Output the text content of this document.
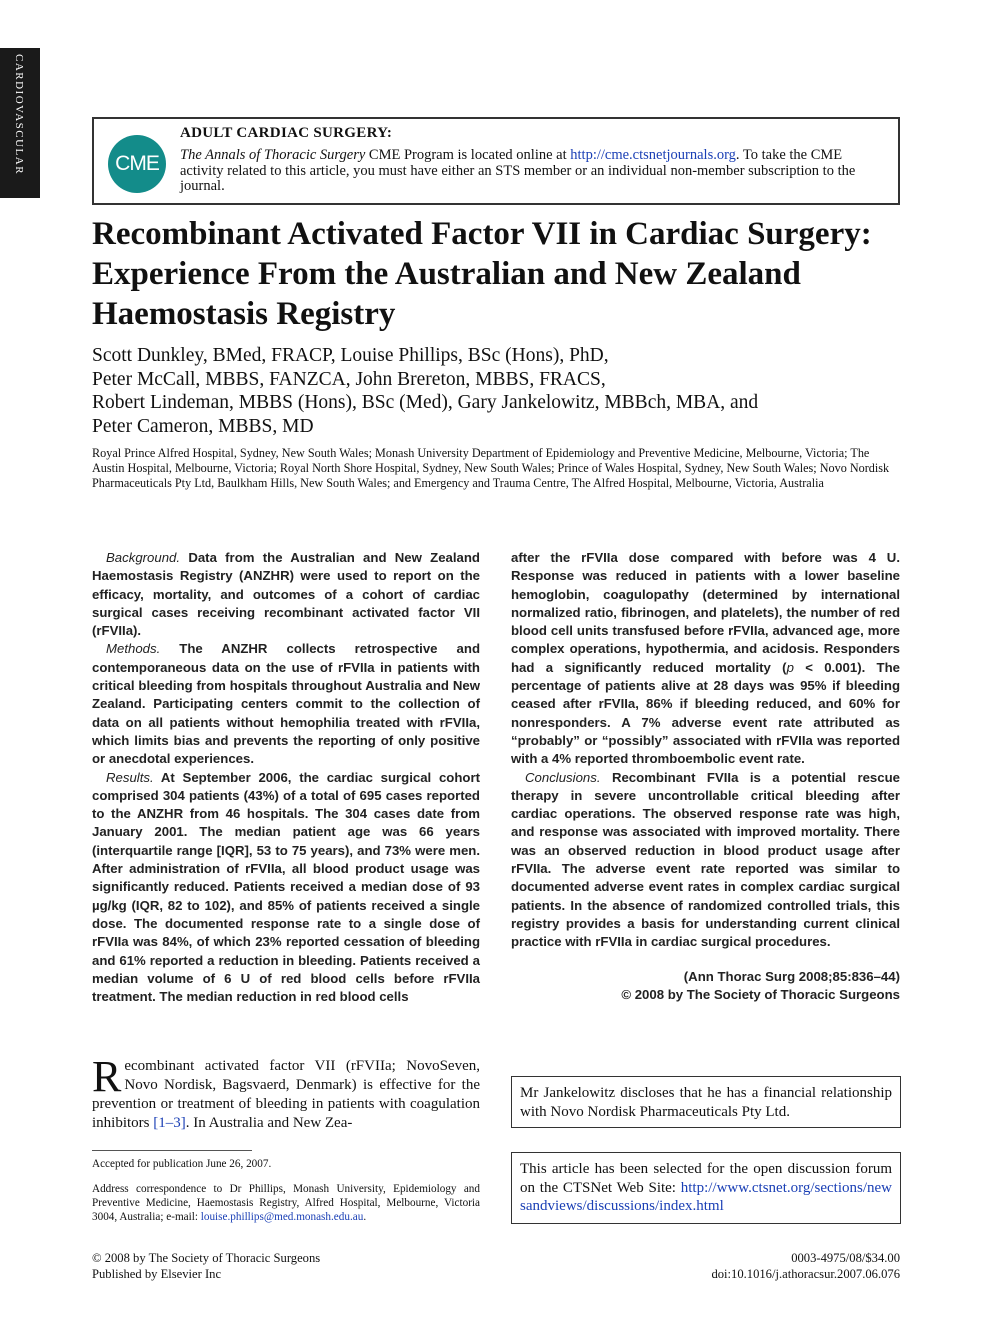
CARDIOVASCULAR	CME
ADULT CARDIAC SURGERY:
The Annals of Thoracic Surgery CME Program is located online at http://cme.ctsnetjournals.org. To take the CME activity related to this article, you must have either an STS member or an individual non-member subscription to the journal.
Recombinant Activated Factor VII in Cardiac Surgery: Experience From the Australian and New Zealand Haemostasis Registry
Scott Dunkley, BMed, FRACP, Louise Phillips, BSc (Hons), PhD,
Peter McCall, MBBS, FANZCA, John Brereton, MBBS, FRACS,
Robert Lindeman, MBBS (Hons), BSc (Med), Gary Jankelowitz, MBBch, MBA, and
Peter Cameron, MBBS, MD
Royal Prince Alfred Hospital, Sydney, New South Wales; Monash University Department of Epidemiology and Preventive Medicine, Melbourne, Victoria; The Austin Hospital, Melbourne, Victoria; Royal North Shore Hospital, Sydney, New South Wales; Prince of Wales Hospital, Sydney, New South Wales; Novo Nordisk Pharmaceuticals Pty Ltd, Baulkham Hills, New South Wales; and Emergency and Trauma Centre, The Alfred Hospital, Melbourne, Victoria, Australia

Background. Data from the Australian and New Zealand Haemostasis Registry (ANZHR) were used to report on the efficacy, mortality, and outcomes of a cohort of cardiac surgical cases receiving recombinant activated factor VII (rFVIIa).

Methods. The ANZHR collects retrospective and contemporaneous data on the use of rFVIIa in patients with critical bleeding from hospitals throughout Australia and New Zealand. Participating centers commit to the collection of data on all patients without hemophilia treated with rFVIIa, which limits bias and prevents the reporting of only positive or anecdotal experiences.

Results. At September 2006, the cardiac surgical cohort comprised 304 patients (43%) of a total of 695 cases reported to the ANZHR from 46 hospitals. The 304 cases date from January 2001. The median patient age was 66 years (interquartile range [IQR], 53 to 75 years), and 73% were men. After administration of rFVIIa, all blood product usage was significantly reduced. Patients received a median dose of 93 µg/kg (IQR, 82 to 102), and 85% of patients received a single dose. The documented response rate to a single dose of rFVIIa was 84%, of which 23% reported cessation of bleeding and 61% reported a reduction in bleeding. Patients received a median volume of 6 U of red blood cells before rFVIIa treatment. The median reduction in red blood cells

after the rFVIIa dose compared with before was 4 U. Response was reduced in patients with a lower baseline hemoglobin, coagulopathy (determined by international normalized ratio, fibrinogen, and platelets), the number of red blood cell units transfused before rFVIIa, advanced age, more complex operations, hypothermia, and acidosis. Responders had a significantly reduced mortality (p < 0.001). The percentage of patients alive at 28 days was 95% if bleeding ceased after rFVIIa, 86% if bleeding reduced, and 60% for nonresponders. A 7% adverse event rate attributed as “probably” or “possibly” associated with rFVIIa was reported with a 4% reported thromboembolic event rate.

Conclusions. Recombinant FVIIa is a potential rescue therapy in severe uncontrollable critical bleeding after cardiac operations. The observed response rate was high, and response was associated with improved mortality. There was an observed reduction in blood product usage after rFVIIa. The adverse event rate reported was similar to documented adverse event rates in complex cardiac surgical patients. In the absence of randomized controlled trials, this registry provides a basis for understanding current clinical practice with rFVIIa in cardiac surgical procedures.

(Ann Thorac Surg 2008;85:836–44)

© 2008 by The Society of Thoracic Surgeons

Recombinant activated factor VII (rFVIIa; NovoSeven, Novo Nordisk, Bagsvaerd, Denmark) is effective for the prevention or treatment of bleeding in patients with coagulation inhibitors [1–3]. In Australia and New Zea-
Accepted for publication June 26, 2007.
Address correspondence to Dr Phillips, Monash University, Epidemiology and Preventive Medicine, Haemostasis Registry, Alfred Hospital, Melbourne, Victoria 3004, Australia; e-mail: louise.phillips@med.monash.edu.au.
Mr Jankelowitz discloses that he has a financial relationship with Novo Nordisk Pharmaceuticals Pty Ltd.
This article has been selected for the open discussion forum on the CTSNet Web Site: http://www.ctsnet.org/sections/newsandviews/discussions/index.html
© 2008 by The Society of Thoracic Surgeons
Published by Elsevier Inc
0003-4975/08/$34.00
doi:10.1016/j.athoracsur.2007.06.076
